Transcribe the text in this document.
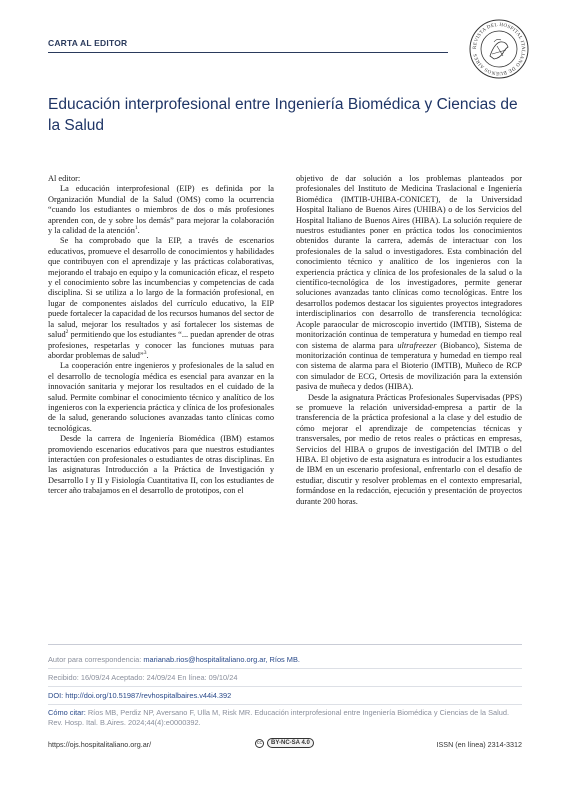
CARTA AL EDITOR	REVISTA DEL HOSPITAL ITALIANO DE BUENOS AIRES
Educación interprofesional entre Ingeniería Biomédica y Ciencias de la Salud

Al editor:

La educación interprofesional (EIP) es definida por la Organización Mundial de la Salud (OMS) como la ocurrencia “cuando los estudiantes o miembros de dos o más profesiones aprenden con, de y sobre los demás” para mejorar la colaboración y la calidad de la atención$^1$.

Se ha comprobado que la EIP, a través de escenarios educativos, promueve el desarrollo de conocimientos y habilidades que contribuyen con el aprendizaje y las prácticas colaborativas, mejorando el trabajo en equipo y la comunicación eficaz, el respeto y el conocimiento sobre las incumbencias y competencias de cada disciplina. Si se utiliza a lo largo de la formación profesional, en lugar de componentes aislados del currículo educativo, la EIP puede fortalecer la capacidad de los recursos humanos del sector de la salud, mejorar los resultados y así fortalecer los sistemas de salud$^2$ permitiendo que los estudiantes “... puedan aprender de otras profesiones, respetarlas y conocer las funciones mutuas para abordar problemas de salud”$^3$.

La cooperación entre ingenieros y profesionales de la salud en el desarrollo de tecnología médica es esencial para avanzar en la innovación sanitaria y mejorar los resultados en el cuidado de la salud. Permite combinar el conocimiento técnico y analítico de los ingenieros con la experiencia práctica y clínica de los profesionales de la salud, generando soluciones avanzadas tanto clínicas como tecnológicas.

Desde la carrera de Ingeniería Biomédica (IBM) estamos promoviendo escenarios educativos para que nuestros estudiantes interactúen con profesionales o estudiantes de otras disciplinas. En las asignaturas Introducción a la Práctica de Investigación y Desarrollo I y II y Fisiología Cuantitativa II, con los estudiantes de tercer año trabajamos en el desarrollo de prototipos, con el

objetivo de dar solución a los problemas planteados por profesionales del Instituto de Medicina Traslacional e Ingeniería Biomédica (IMTIB-UHIBA-CONICET), de la Universidad Hospital Italiano de Buenos Aires (UHIBA) o de los Servicios del Hospital Italiano de Buenos Aires (HIBA). La solución requiere de nuestros estudiantes poner en práctica todos los conocimientos obtenidos durante la carrera, además de interactuar con los profesionales de la salud o investigadores. Esta combinación del conocimiento técnico y analítico de los ingenieros con la experiencia práctica y clínica de los profesionales de la salud o la científico-tecnológica de los investigadores, permite generar soluciones avanzadas tanto clínicas como tecnológicas. Entre los desarrollos podemos destacar los siguientes proyectos integradores interdisciplinarios con desarrollo de transferencia tecnológica: Acople paraocular de microscopio invertido (IMTIB), Sistema de monitorización continua de temperatura y humedad en tiempo real con sistema de alarma para ultrafreezer (Biobanco), Sistema de monitorización continua de temperatura y humedad en tiempo real con sistema de alarma para el Bioterio (IMTIB), Muñeco de RCP con simulador de ECG, Ortesis de movilización para la extensión pasiva de muñeca y dedos (HIBA).

Desde la asignatura Prácticas Profesionales Supervisadas (PPS) se promueve la relación universidad-empresa a partir de la transferencia de la práctica profesional a la clase y del estudio de cómo mejorar el aprendizaje de competencias técnicas y transversales, por medio de retos reales o prácticas en empresas, Servicios del HIBA o grupos de investigación del IMTIB o del HIBA. El objetivo de esta asignatura es introducir a los estudiantes de IBM en un escenario profesional, enfrentarlo con el desafío de estudiar, discutir y resolver problemas en el contexto empresarial, formándose en la redacción, ejecución y presentación de proyectos durante 200 horas.

Autor para correspondencia: marianab.rios@hospitalitaliano.org.ar, Ríos MB.
Recibido: 16/09/24 Aceptado: 24/09/24 En línea: 09/10/24
DOI: http://doi.org/10.51987/revhospitalbaires.v44i4.392
Cómo citar: Ríos MB, Perdiz NP, Aversano F, Ulla M, Risk MR. Educación interprofesional entre Ingeniería Biomédica y Ciencias de la Salud. Rev. Hosp. Ital. B.Aires. 2024;44(4):e0000392.
https://ojs.hospitalitaliano.org.ar/	cc	BY-NC-SA 4.0	ISSN (en línea) 2314-3312
